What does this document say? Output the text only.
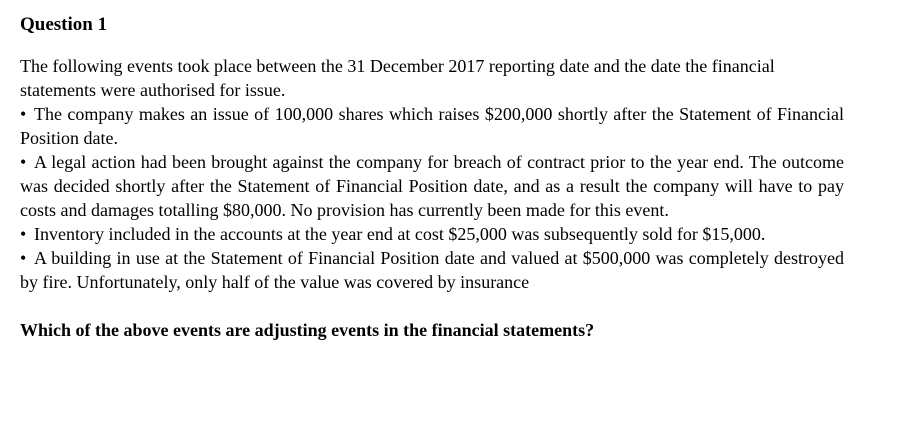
Question 1

The following events took place between the 31 December 2017 reporting date and the date the financial statements were authorised for issue.

• The company makes an issue of 100,000 shares which raises $200,000 shortly after the Statement of Financial Position date.
• A legal action had been brought against the company for breach of contract prior to the year end. The outcome was decided shortly after the Statement of Financial Position date, and as a result the company will have to pay costs and damages totalling $80,000. No provision has currently been made for this event.
• Inventory included in the accounts at the year end at cost $25,000 was subsequently sold for $15,000.
• A building in use at the Statement of Financial Position date and valued at $500,000 was completely destroyed by fire. Unfortunately, only half of the value was covered by insurance
Which of the above events are adjusting events in the financial statements?
